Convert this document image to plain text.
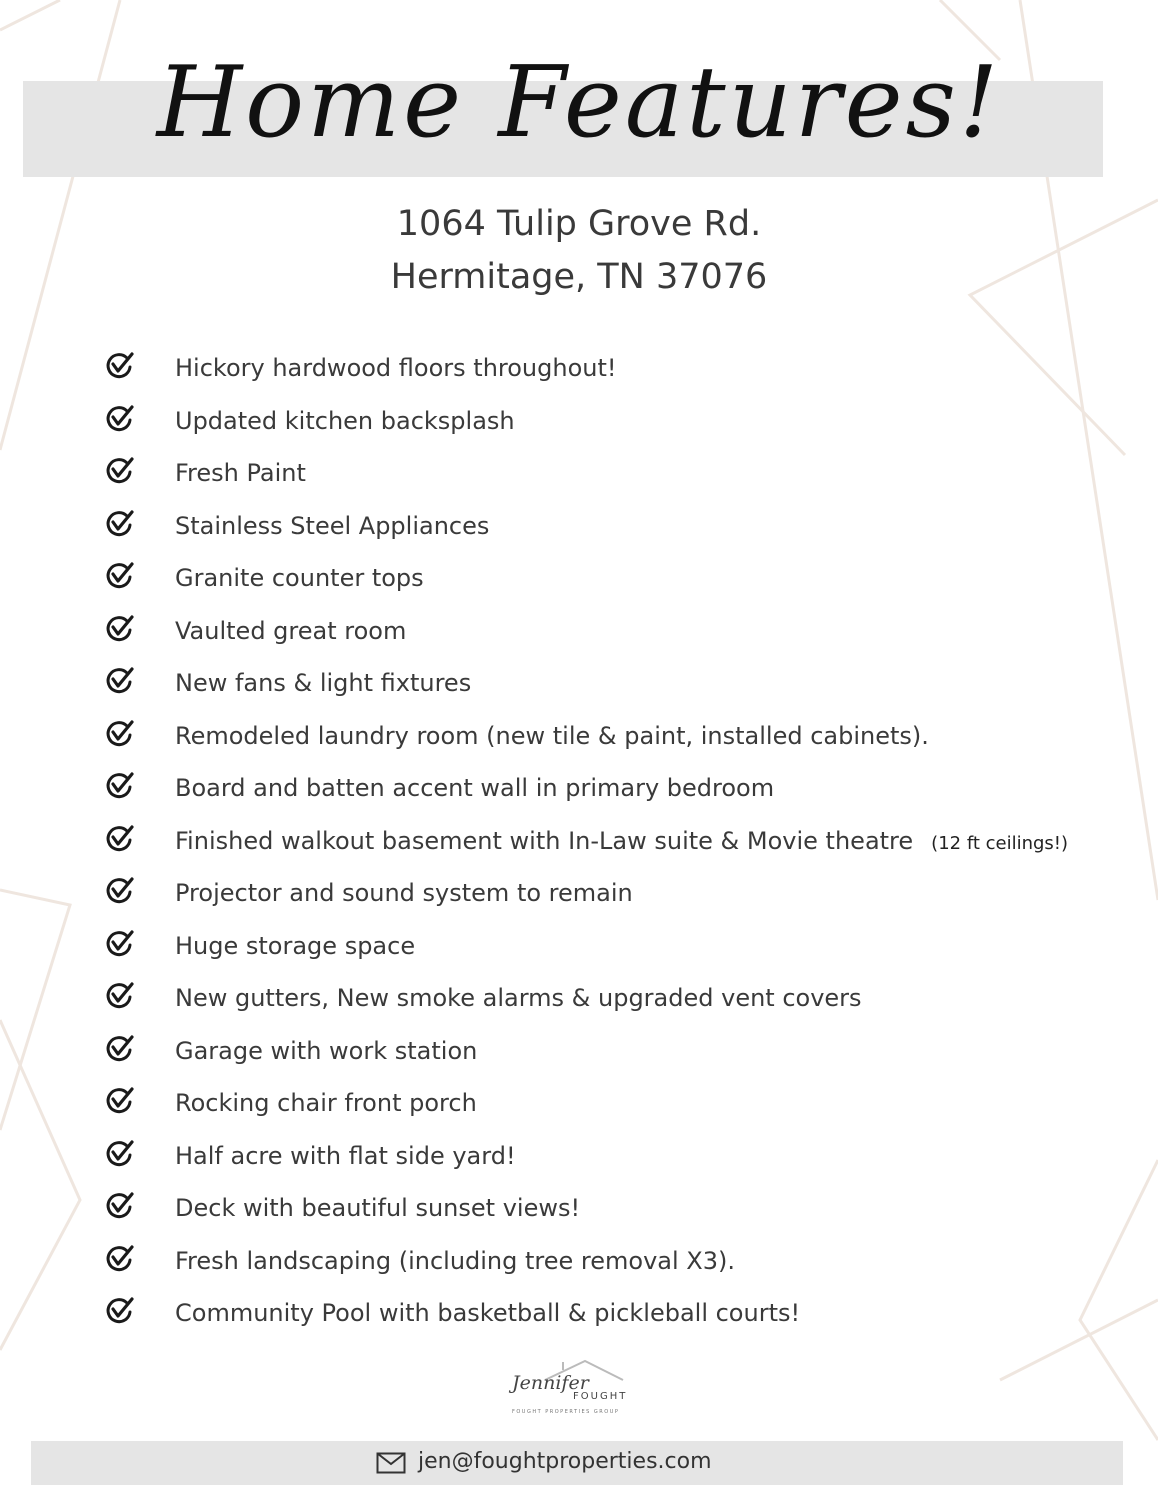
Home Features!
1064 Tulip Grove Rd.
Hermitage, TN 37076
Hickory hardwood floors throughout!
Updated kitchen backsplash
Fresh Paint
Stainless Steel Appliances
Granite counter tops
Vaulted great room
New fans & light fixtures
Remodeled laundry room (new tile & paint, installed cabinets).
Board and batten accent wall in primary bedroom
Finished walkout basement with In-Law suite & Movie theatre (12 ft ceilings!)
Projector and sound system to remain
Huge storage space
New gutters, New smoke alarms & upgraded vent covers
Garage with work station
Rocking chair front porch
Half acre with flat side yard!
Deck with beautiful sunset views!
Fresh landscaping (including tree removal X3).
Community Pool with basketball & pickleball courts!
Jennifer
FOUGHT
FOUGHT PROPERTIES GROUP
jen@foughtproperties.com
